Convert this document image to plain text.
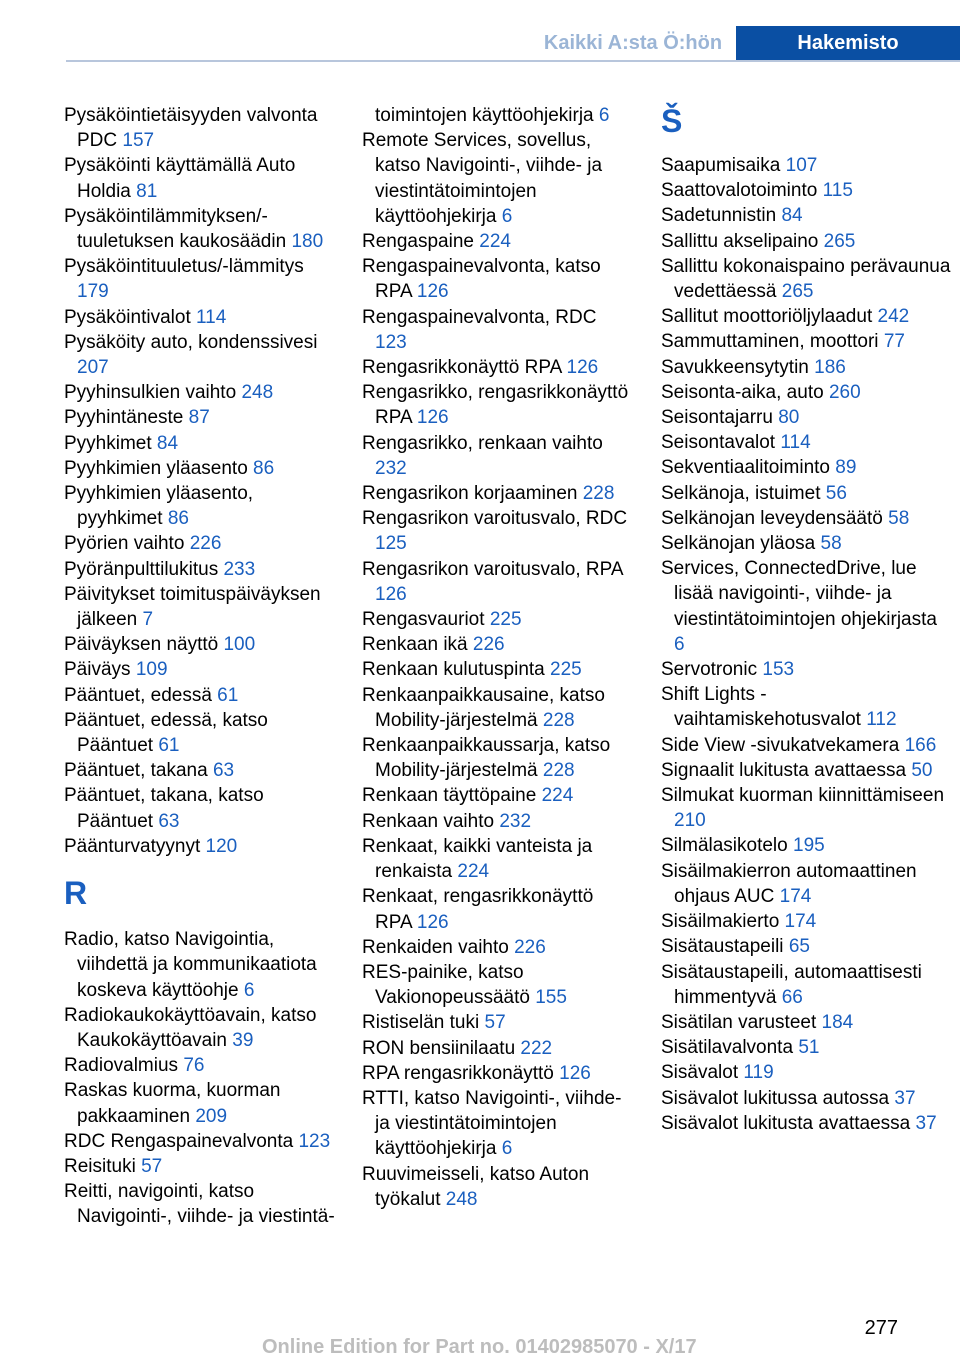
Kaikki A:sta Ö:hön	Hakemisto

Pysäköintietäisyyden valvonta PDC 157

Pysäköinti käyttämällä Auto Holdia 81

Pysäköintilämmityksen/-tuuletuksen kaukosäädin 180

Pysäköintituuletus/-lämmitys 179

Pysäköintivalot 114

Pysäköity auto, kondenssivesi 207

Pyyhinsulkien vaihto 248

Pyyhintäneste 87

Pyyhkimet 84

Pyyhkimien yläasento 86

Pyyhkimien yläasento, pyyhkimet 86

Pyörien vaihto 226

Pyöränpulttilukitus 233

Päivitykset toimituspäiväyksen jälkeen 7

Päiväyksen näyttö 100

Päiväys 109

Pääntuet, edessä 61

Pääntuet, edessä, katso Pääntuet 61

Pääntuet, takana 63

Pääntuet, takana, katso Pääntuet 63

Päänturvatyynyt 120

R

Radio, katso Navigointia, viihdettä ja kommunikaatiota koskeva käyttöohje 6

Radiokaukokäyttöavain, katso Kaukokäyttöavain 39

Radiovalmius 76

Raskas kuorma, kuorman pakkaaminen 209

RDC Rengaspainevalvonta 123

Reisituki 57

Reitti, navigointi, katso Navigointi-, viihde- ja viestintä-

toimintojen käyttöohjekirja 6

Remote Services, sovellus, katso Navigointi-, viihde- ja viestintätoimintojen käyttöohjekirja 6

Rengaspaine 224

Rengaspainevalvonta, katso RPA 126

Rengaspainevalvonta, RDC 123

Rengasrikkonäyttö RPA 126

Rengasrikko, rengasrikkonäyttö RPA 126

Rengasrikko, renkaan vaihto 232

Rengasrikon korjaaminen 228

Rengasrikon varoitusvalo, RDC 125

Rengasrikon varoitusvalo, RPA 126

Rengasvauriot 225

Renkaan ikä 226

Renkaan kulutuspinta 225

Renkaanpaikkausaine, katso Mobility-järjestelmä 228

Renkaanpaikkaussarja, katso Mobility-järjestelmä 228

Renkaan täyttöpaine 224

Renkaan vaihto 232

Renkaat, kaikki vanteista ja renkaista 224

Renkaat, rengasrikkonäyttö RPA 126

Renkaiden vaihto 226

RES-painike, katso Vakionopeussäätö 155

Ristiselän tuki 57

RON bensiinilaatu 222

RPA rengasrikkonäyttö 126

RTTI, katso Navigointi-, viihde- ja viestintätoimintojen käyttöohjekirja 6

Ruuvimeisseli, katso Auton työkalut 248

Š

Saapumisaika 107

Saattovalotoiminto 115

Sadetunnistin 84

Sallittu akselipaino 265

Sallittu kokonaispaino perävaunua vedettäessä 265

Sallitut moottoriöljylaadut 242

Sammuttaminen, moottori 77

Savukkeensytytin 186

Seisonta-aika, auto 260

Seisontajarru 80

Seisontavalot 114

Sekventiaalitoiminto 89

Selkänoja, istuimet 56

Selkänojan leveydensäätö 58

Selkänojan yläosa 58

Services, ConnectedDrive, lue lisää navigointi-, viihde- ja viestintätoimintojen ohjekirjasta 6

Servotronic 153

Shift Lights -vaihtamiskehotusvalot 112

Side View -sivukatvekamera 166

Signaalit lukitusta avattaessa 50

Silmukat kuorman kiinnittämiseen 210

Silmälasikotelo 195

Sisäilmakierron automaattinen ohjaus AUC 174

Sisäilmakierto 174

Sisätaustapeili 65

Sisätaustapeili, automaattisesti himmentyvä 66

Sisätilan varusteet 184

Sisätilavalvonta 51

Sisävalot 119

Sisävalot lukitussa autossa 37

Sisävalot lukitusta avattaessa 37

277
Online Edition for Part no. 01402985070 - X/17
